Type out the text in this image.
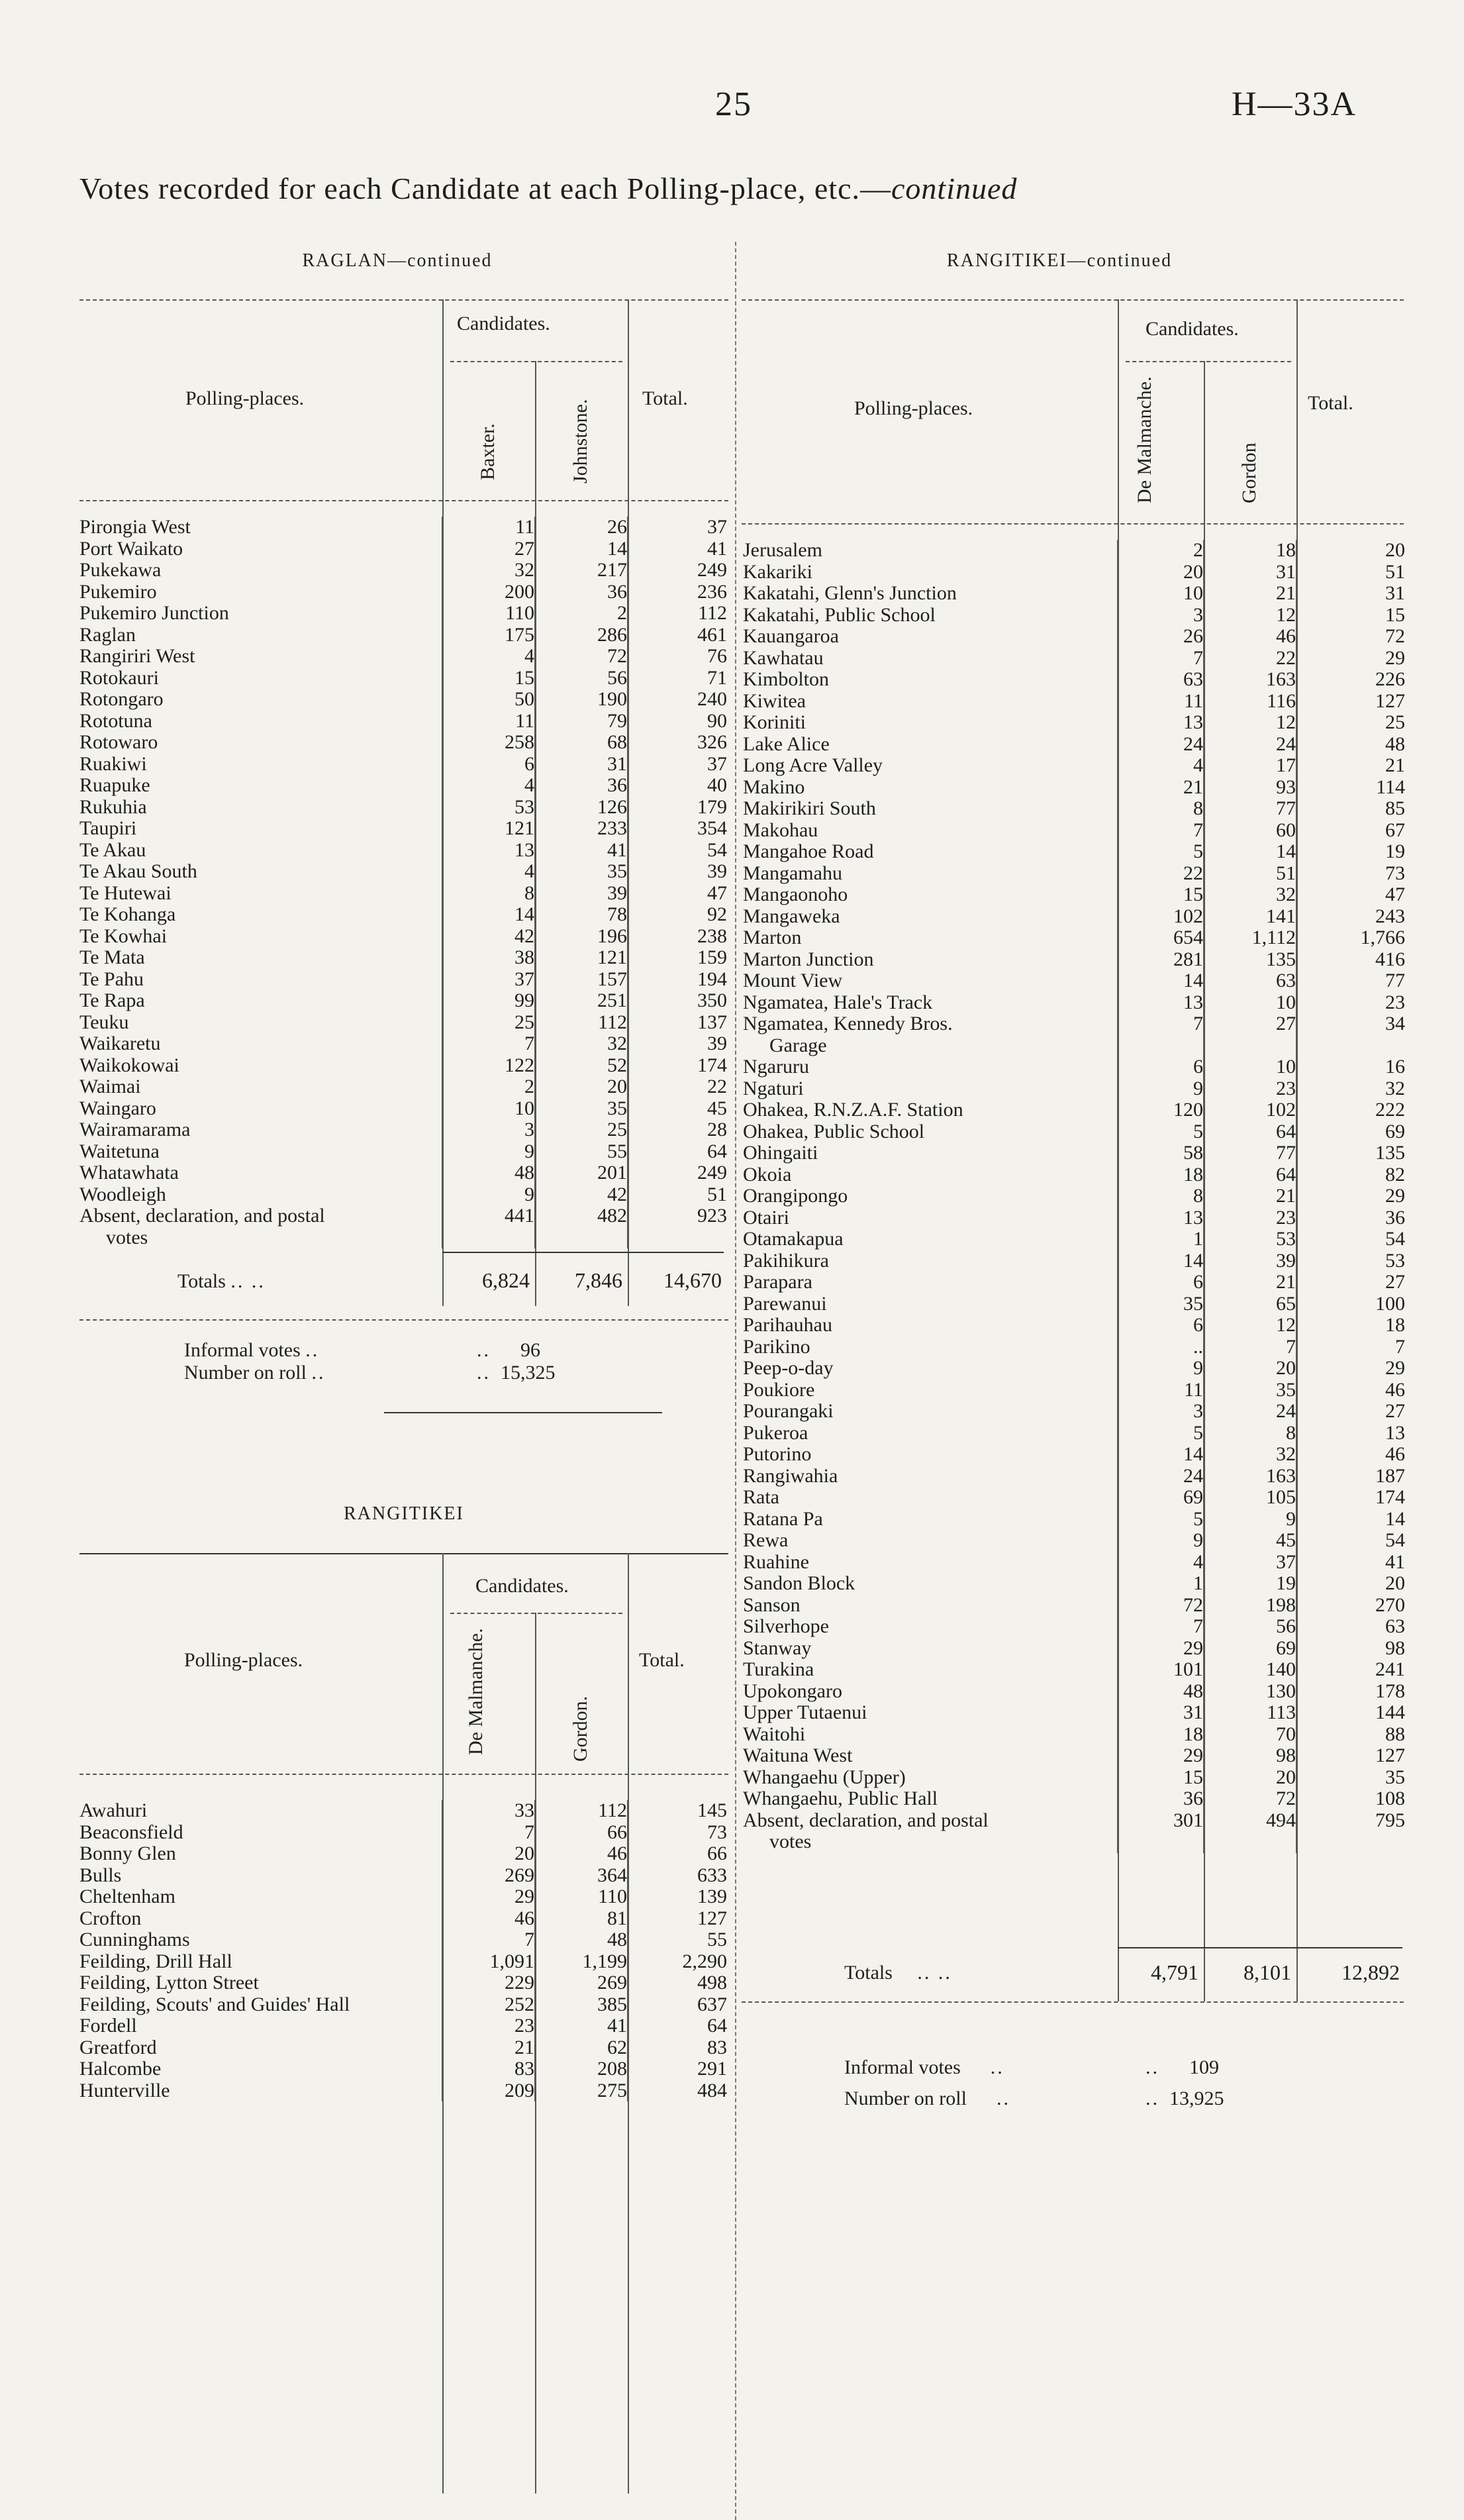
25	H—33A
Votes recorded for each Candidate at each Polling-place, etc.—continued
RAGLAN—continued
Candidates.
Polling-places.	Total.
Baxter.	Johnstone.
Pirongia West	11	26	37
Port Waikato	27	14	41
Pukekawa	32	217	249
Pukemiro	200	36	236
Pukemiro Junction	110	2	112
Raglan	175	286	461
Rangiriri West	4	72	76
Rotokauri	15	56	71
Rotongaro	50	190	240
Rototuna	11	79	90
Rotowaro	258	68	326
Ruakiwi	6	31	37
Ruapuke	4	36	40
Rukuhia	53	126	179
Taupiri	121	233	354
Te Akau	13	41	54
Te Akau South	4	35	39
Te Hutewai	8	39	47
Te Kohanga	14	78	92
Te Kowhai	42	196	238
Te Mata	38	121	159
Te Pahu	37	157	194
Te Rapa	99	251	350
Teuku	25	112	137
Waikaretu	7	32	39
Waikokowai	122	52	174
Waimai	2	20	22
Waingaro	10	35	45
Wairamarama	3	25	28
Waitetuna	9	55	64
Whatawhata	48	201	249
Woodleigh	9	42	51
Absent, declaration, and postal	441	482	923
votes			
Totals .. ..	6,824	7,846	14,670
Informal votes ..	.. 96
Number on roll ..	.. 15,325
RANGITIKEI
Candidates.
Polling-places.	Total.
De Malmanche.	Gordon.
Awahuri	33	112	145
Beaconsfield	7	66	73
Bonny Glen	20	46	66
Bulls	269	364	633
Cheltenham	29	110	139
Crofton	46	81	127
Cunninghams	7	48	55
Feilding, Drill Hall	1,091	1,199	2,290
Feilding, Lytton Street	229	269	498
Feilding, Scouts' and Guides' Hall	252	385	637
Fordell	23	41	64
Greatford	21	62	83
Halcombe	83	208	291
Hunterville	209	275	484
RANGITIKEI—continued
Candidates.
Polling-places.	Total.
De Malmanche.	Gordon
Jerusalem	2	18	20
Kakariki	20	31	51
Kakatahi, Glenn's Junction	10	21	31
Kakatahi, Public School	3	12	15
Kauangaroa	26	46	72
Kawhatau	7	22	29
Kimbolton	63	163	226
Kiwitea	11	116	127
Koriniti	13	12	25
Lake Alice	24	24	48
Long Acre Valley	4	17	21
Makino	21	93	114
Makirikiri South	8	77	85
Makohau	7	60	67
Mangahoe Road	5	14	19
Mangamahu	22	51	73
Mangaonoho	15	32	47
Mangaweka	102	141	243
Marton	654	1,112	1,766
Marton Junction	281	135	416
Mount View	14	63	77
Ngamatea, Hale's Track	13	10	23
Ngamatea, Kennedy Bros.	7	27	34
Garage			
Ngaruru	6	10	16
Ngaturi	9	23	32
Ohakea, R.N.Z.A.F. Station	120	102	222
Ohakea, Public School	5	64	69
Ohingaiti	58	77	135
Okoia	18	64	82
Orangipongo	8	21	29
Otairi	13	23	36
Otamakapua	1	53	54
Pakihikura	14	39	53
Parapara	6	21	27
Parewanui	35	65	100
Parihauhau	6	12	18
Parikino	..	7	7
Peep-o-day	9	20	29
Poukiore	11	35	46
Pourangaki	3	24	27
Pukeroa	5	8	13
Putorino	14	32	46
Rangiwahia	24	163	187
Rata	69	105	174
Ratana Pa	5	9	14
Rewa	9	45	54
Ruahine	4	37	41
Sandon Block	1	19	20
Sanson	72	198	270
Silverhope	7	56	63
Stanway	29	69	98
Turakina	101	140	241
Upokongaro	48	130	178
Upper Tutaenui	31	113	144
Waitohi	18	70	88
Waituna West	29	98	127
Whangaehu (Upper)	15	20	35
Whangaehu, Public Hall	36	72	108
Absent, declaration, and postal	301	494	795
votes			
Totals .. ..	4,791	8,101	12,892
Informal votes ..	.. 109
Number on roll ..	.. 13,925
